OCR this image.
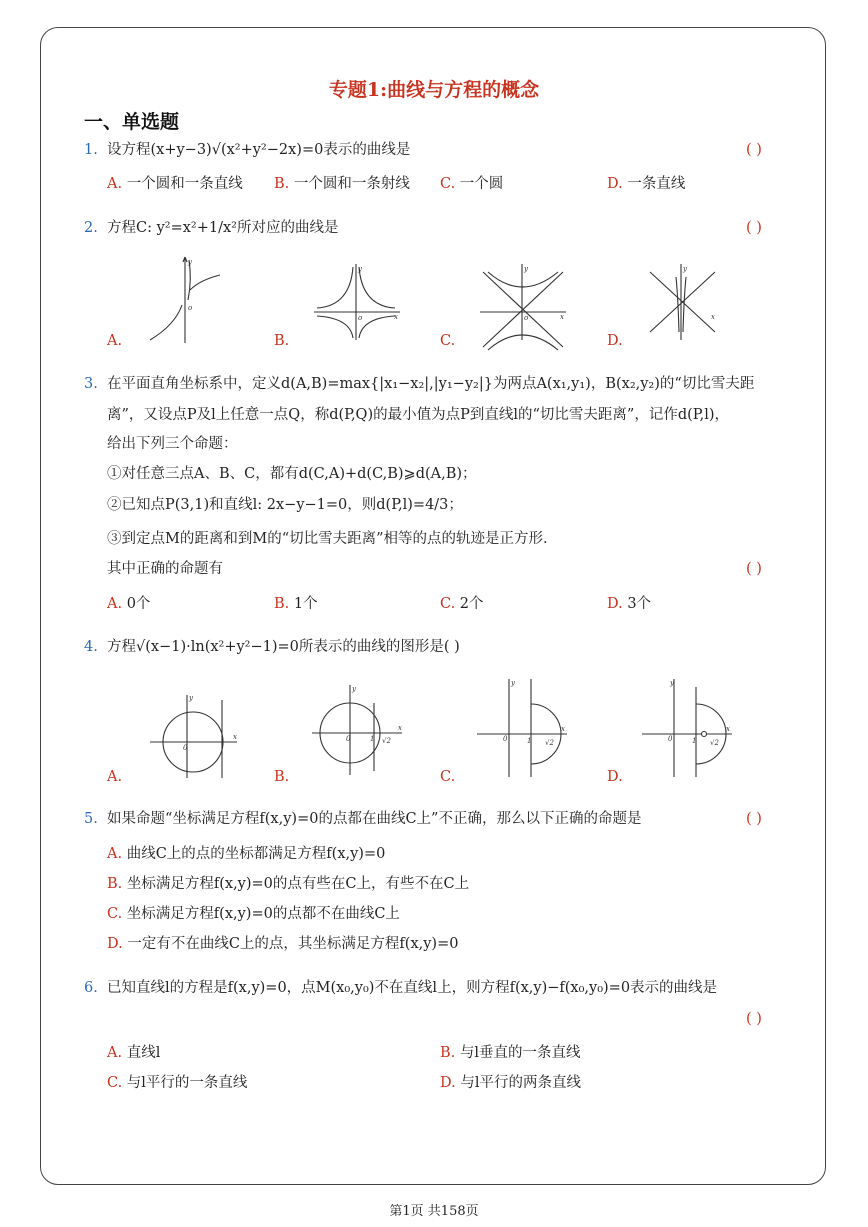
专题1:曲线与方程的概念
一、单选题
1. 设方程(x+y−3)√(x²+y²−2x)=0表示的曲线是	( )
A. 一个圆和一条直线 B. 一个圆和一条射线 C. 一个圆	D. 一条直线
2. 方程C: y²=x²+1/x²所对应的曲线是	( )
y
o
A.
y
x
o
B.
y
x
o
C.
y
x
D.
3. 在平面直角坐标系中，定义d(A,B)=max{|x₁−x₂|,|y₁−y₂|}为两点A(x₁,y₁)，B(x₂,y₂)的“切比雪夫距
离”，又设点P及l上任意一点Q，称d(P,Q)的最小值为点P到直线l的“切比雪夫距离”，记作d(P,l)，
给出下列三个命题：
①对任意三点A、B、C，都有d(C,A)+d(C,B)⩾d(A,B)；
②已知点P(3,1)和直线l: 2x−y−1=0，则d(P,l)=4/3；
③到定点M的距离和到M的“切比雪夫距离”相等的点的轨迹是正方形.
其中正确的命题有	( )
A. 0个	B. 1个	C. 2个	D. 3个
4. 方程√(x−1)·ln(x²+y²−1)=0所表示的曲线的图形是( )
y
x
0
A.
y
x
0	1 √2
B.
y
x
0	1 √2
C.
y
x
0	1 √2
D.
5. 如果命题“坐标满足方程f(x,y)=0的点都在曲线C上”不正确，那么以下正确的命题是	( )
A. 曲线C上的点的坐标都满足方程f(x,y)=0
B. 坐标满足方程f(x,y)=0的点有些在C上，有些不在C上
C. 坐标满足方程f(x,y)=0的点都不在曲线C上
D. 一定有不在曲线C上的点，其坐标满足方程f(x,y)=0
6. 已知直线l的方程是f(x,y)=0，点M(x₀,y₀)不在直线l上，则方程f(x,y)−f(x₀,y₀)=0表示的曲线是
( )
A. 直线l	B. 与l垂直的一条直线
C. 与l平行的一条直线	D. 与l平行的两条直线
第1页 共158页
